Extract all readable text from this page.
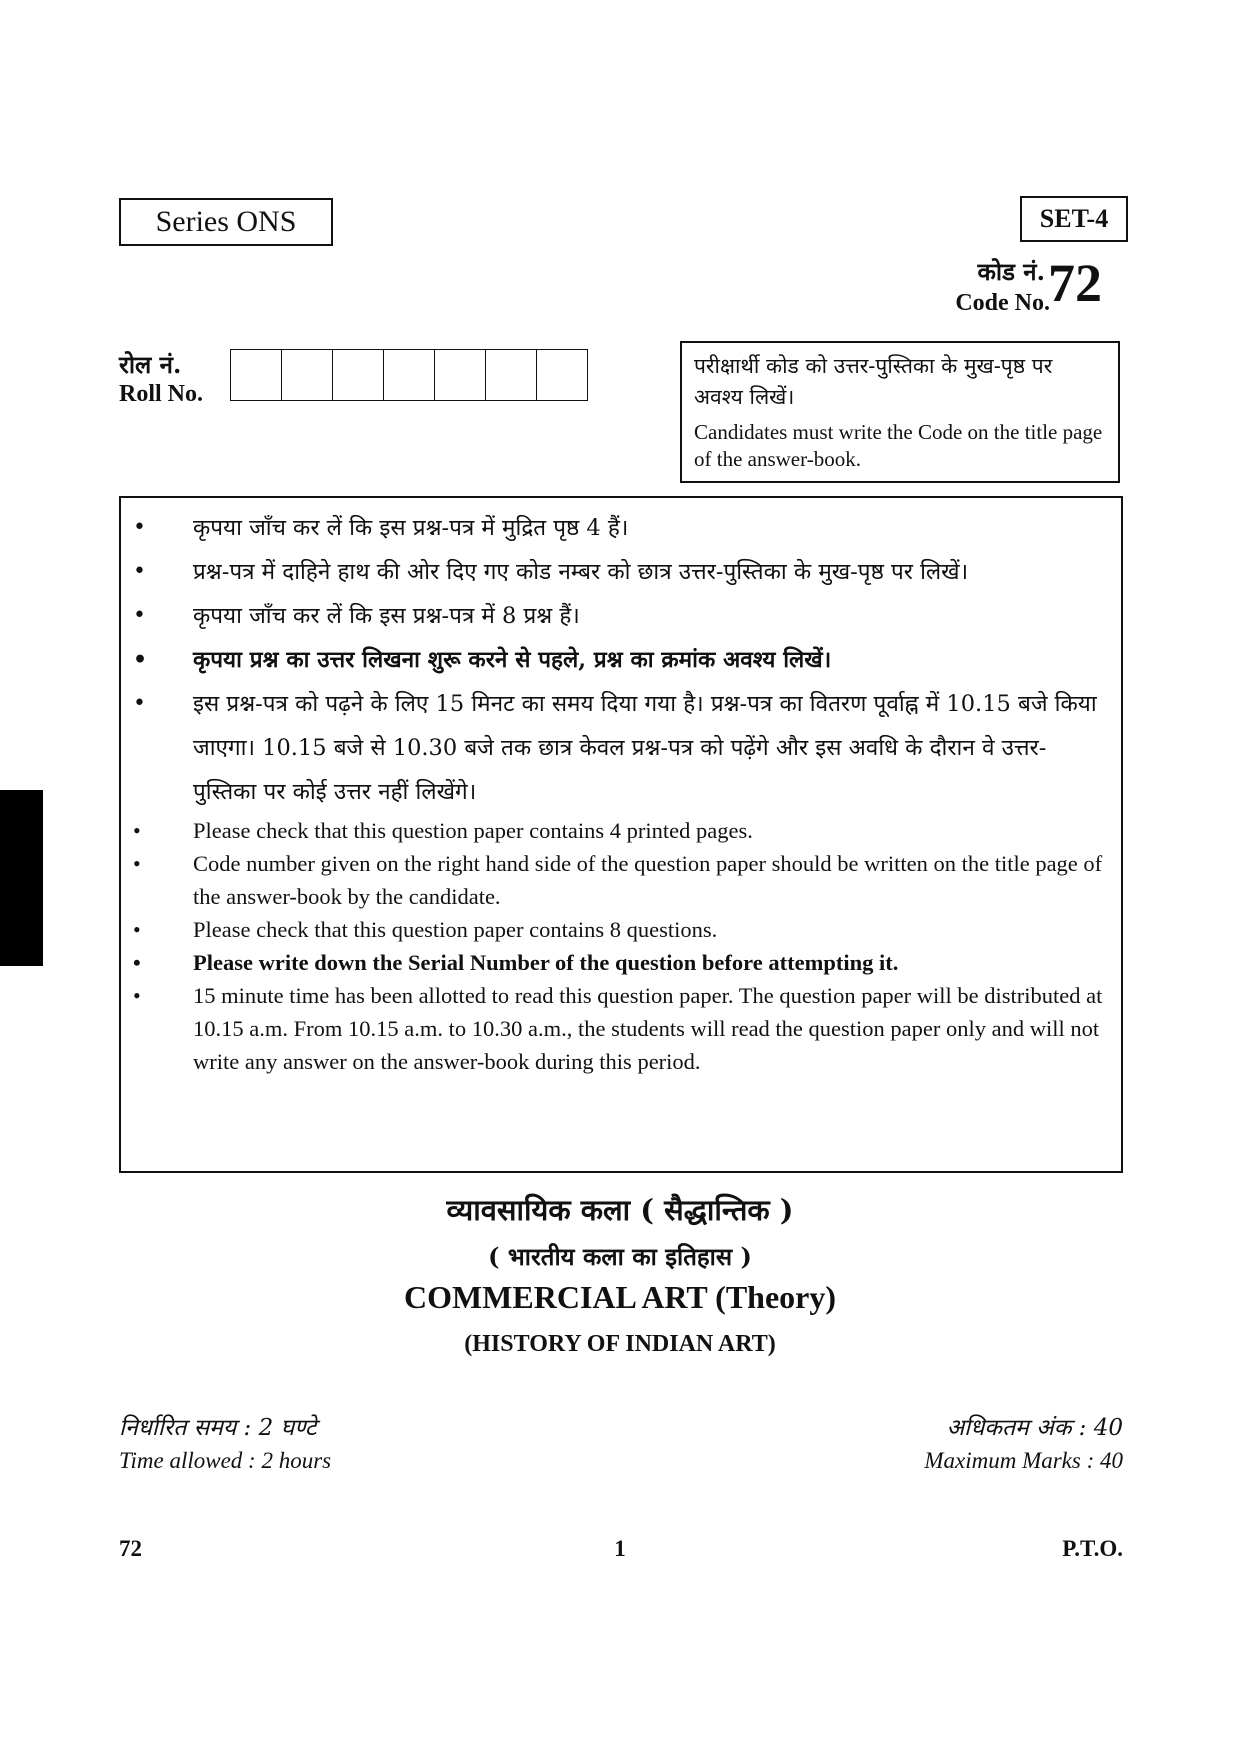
Series ONS	SET-4
कोड नं.
Code No.
72
रोल नं.
Roll No.
परीक्षार्थी कोड को उत्तर-पुस्तिका के मुख-पृष्ठ पर अवश्य लिखें।
Candidates must write the Code on the title page of the answer-book.
• कृपया जाँच कर लें कि इस प्रश्न-पत्र में मुद्रित पृष्ठ 4 हैं।
• प्रश्न-पत्र में दाहिने हाथ की ओर दिए गए कोड नम्बर को छात्र उत्तर-पुस्तिका के मुख-पृष्ठ पर लिखें।
• कृपया जाँच कर लें कि इस प्रश्न-पत्र में 8 प्रश्न हैं।
• कृपया प्रश्न का उत्तर लिखना शुरू करने से पहले, प्रश्न का क्रमांक अवश्य लिखें।
• इस प्रश्न-पत्र को पढ़ने के लिए 15 मिनट का समय दिया गया है। प्रश्न-पत्र का वितरण पूर्वाह्न में 10.15 बजे किया जाएगा। 10.15 बजे से 10.30 बजे तक छात्र केवल प्रश्न-पत्र को पढ़ेंगे और इस अवधि के दौरान वे उत्तर-पुस्तिका पर कोई उत्तर नहीं लिखेंगे।
• Please check that this question paper contains 4 printed pages.
• Code number given on the right hand side of the question paper should be written on the title page of the answer-book by the candidate.
• Please check that this question paper contains 8 questions.
• Please write down the Serial Number of the question before attempting it.
• 15 minute time has been allotted to read this question paper. The question paper will be distributed at 10.15 a.m. From 10.15 a.m. to 10.30 a.m., the students will read the question paper only and will not write any answer on the answer-book during this period.
व्यावसायिक कला ( सैद्धान्तिक )
( भारतीय कला का इतिहास )
COMMERCIAL ART (Theory)
(HISTORY OF INDIAN ART)
निर्धारित समय : 2 घण्टे
Time allowed : 2 hours
अधिकतम अंक : 40
Maximum Marks : 40
72	1	P.T.O.
